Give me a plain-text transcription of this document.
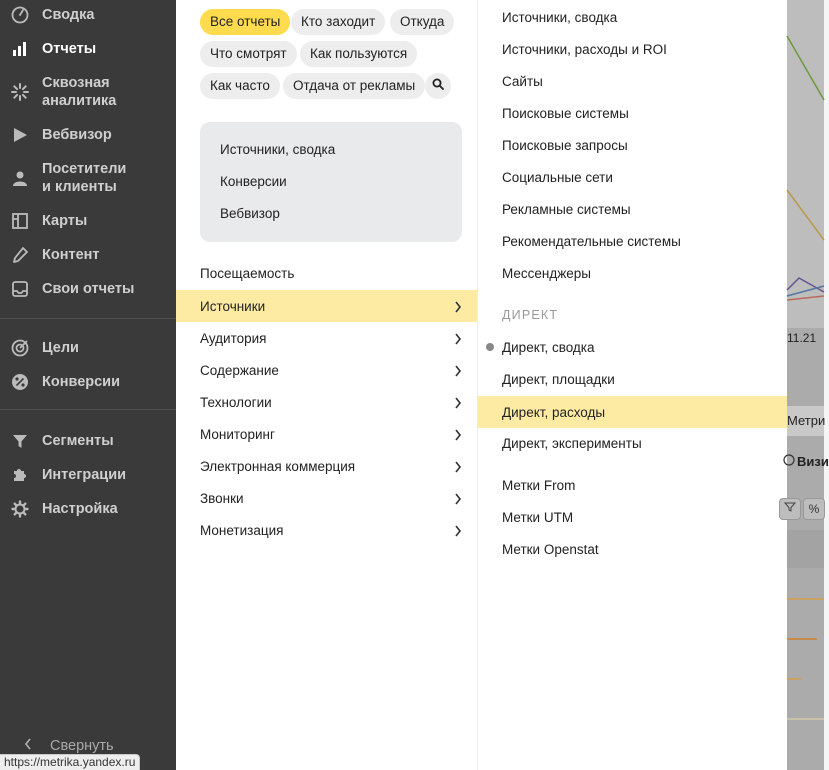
Сводка
Отчеты
Сквозная
аналитика
Вебвизор
Посетители
и клиенты
Карты
Контент
Свои отчеты
Цели
Конверсии
Сегменты
Интеграции
Настройка
Свернуть
Все отчеты	Кто заходит	Откуда
Что смотрят	Как пользуются
Как часто	Отдача от рекламы
Источники, сводка
Конверсии
Вебвизор
Посещаемость
Источники
Аудитория
Содержание
Технологии
Мониторинг
Электронная коммерция
Звонки
Монетизация
Источники, сводка
Источники, расходы и ROI
Сайты
Поисковые системы
Поисковые запросы
Социальные сети
Рекламные системы
Рекомендательные системы
Мессенджеры
ДИРЕКТ
Директ, сводка
Директ, площадки
Директ, расходы
Директ, эксперименты
Метки From
Метки UTM
Метки Openstat
11.21
Метри
Визи
%
https://metrika.yandex.ru
